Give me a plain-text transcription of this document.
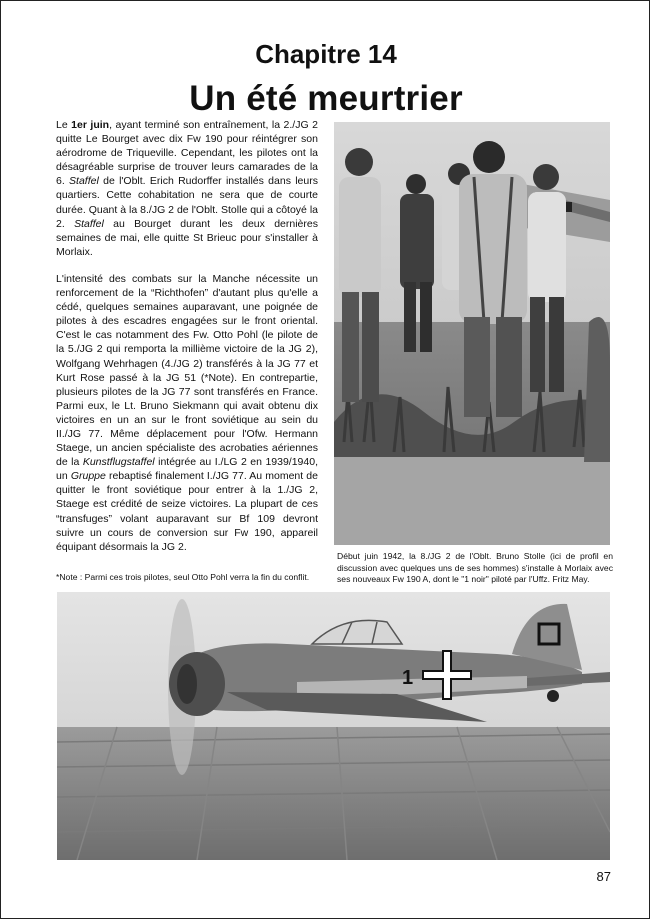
Chapitre 14
Un été meurtrier

Le 1er juin, ayant terminé son entraînement, la 2./JG 2 quitte Le Bourget avec dix Fw 190 pour réintégrer son aérodrome de Triqueville. Cependant, les pilotes ont la désagréable surprise de trouver leurs camarades de la 6. Staffel de l'Oblt. Erich Rudorffer installés dans leurs quartiers. Cette cohabitation ne sera que de courte durée. Quant à la 8./JG 2 de l'Oblt. Stolle qui a côtoyé la 2. Staffel au Bourget durant les deux dernières semaines de mai, elle quitte St Brieuc pour s'installer à Morlaix.

L'intensité des combats sur la Manche nécessite un renforcement de la “Richthofen” d'autant plus qu'elle a cédé, quelques semaines auparavant, une poignée de pilotes à des escadres engagées sur le front oriental. C'est le cas notamment des Fw. Otto Pohl (le pilote de la 5./JG 2 qui remporta la millième victoire de la JG 2), Wolfgang Wehrhagen (4./JG 2) transférés à la JG 77 et Kurt Rose passé à la JG 51 (*Note). En contrepartie, plusieurs pilotes de la JG 77 sont transférés en France. Parmi eux, le Lt. Bruno Siekmann qui avait obtenu dix victoires en un an sur le front soviétique au sein du II./JG 77. Même déplacement pour l'Ofw. Hermann Staege, un ancien spécialiste des acrobaties aériennes de la Kunstflugstaffel intégrée au I./LG 2 en 1939/1940, un Gruppe rebaptisé finalement I./JG 77. Au moment de quitter le front soviétique pour entrer à la 1./JG 2, Staege est crédité de seize victoires. La plupart de ces “transfuges” volant auparavant sur Bf 109 devront suivre un cours de conversion sur Fw 190, appareil équipant désormais la JG 2.

*Note : Parmi ces trois pilotes, seul Otto Pohl verra la fin du conflit.
Début juin 1942, la 8./JG 2 de l'Oblt. Bruno Stolle (ici de profil en discussion avec quelques uns de ses hommes) s'installe à Morlaix avec ses nouveaux Fw 190 A, dont le "1 noir" piloté par l'Uffz. Fritz May.
1
87
